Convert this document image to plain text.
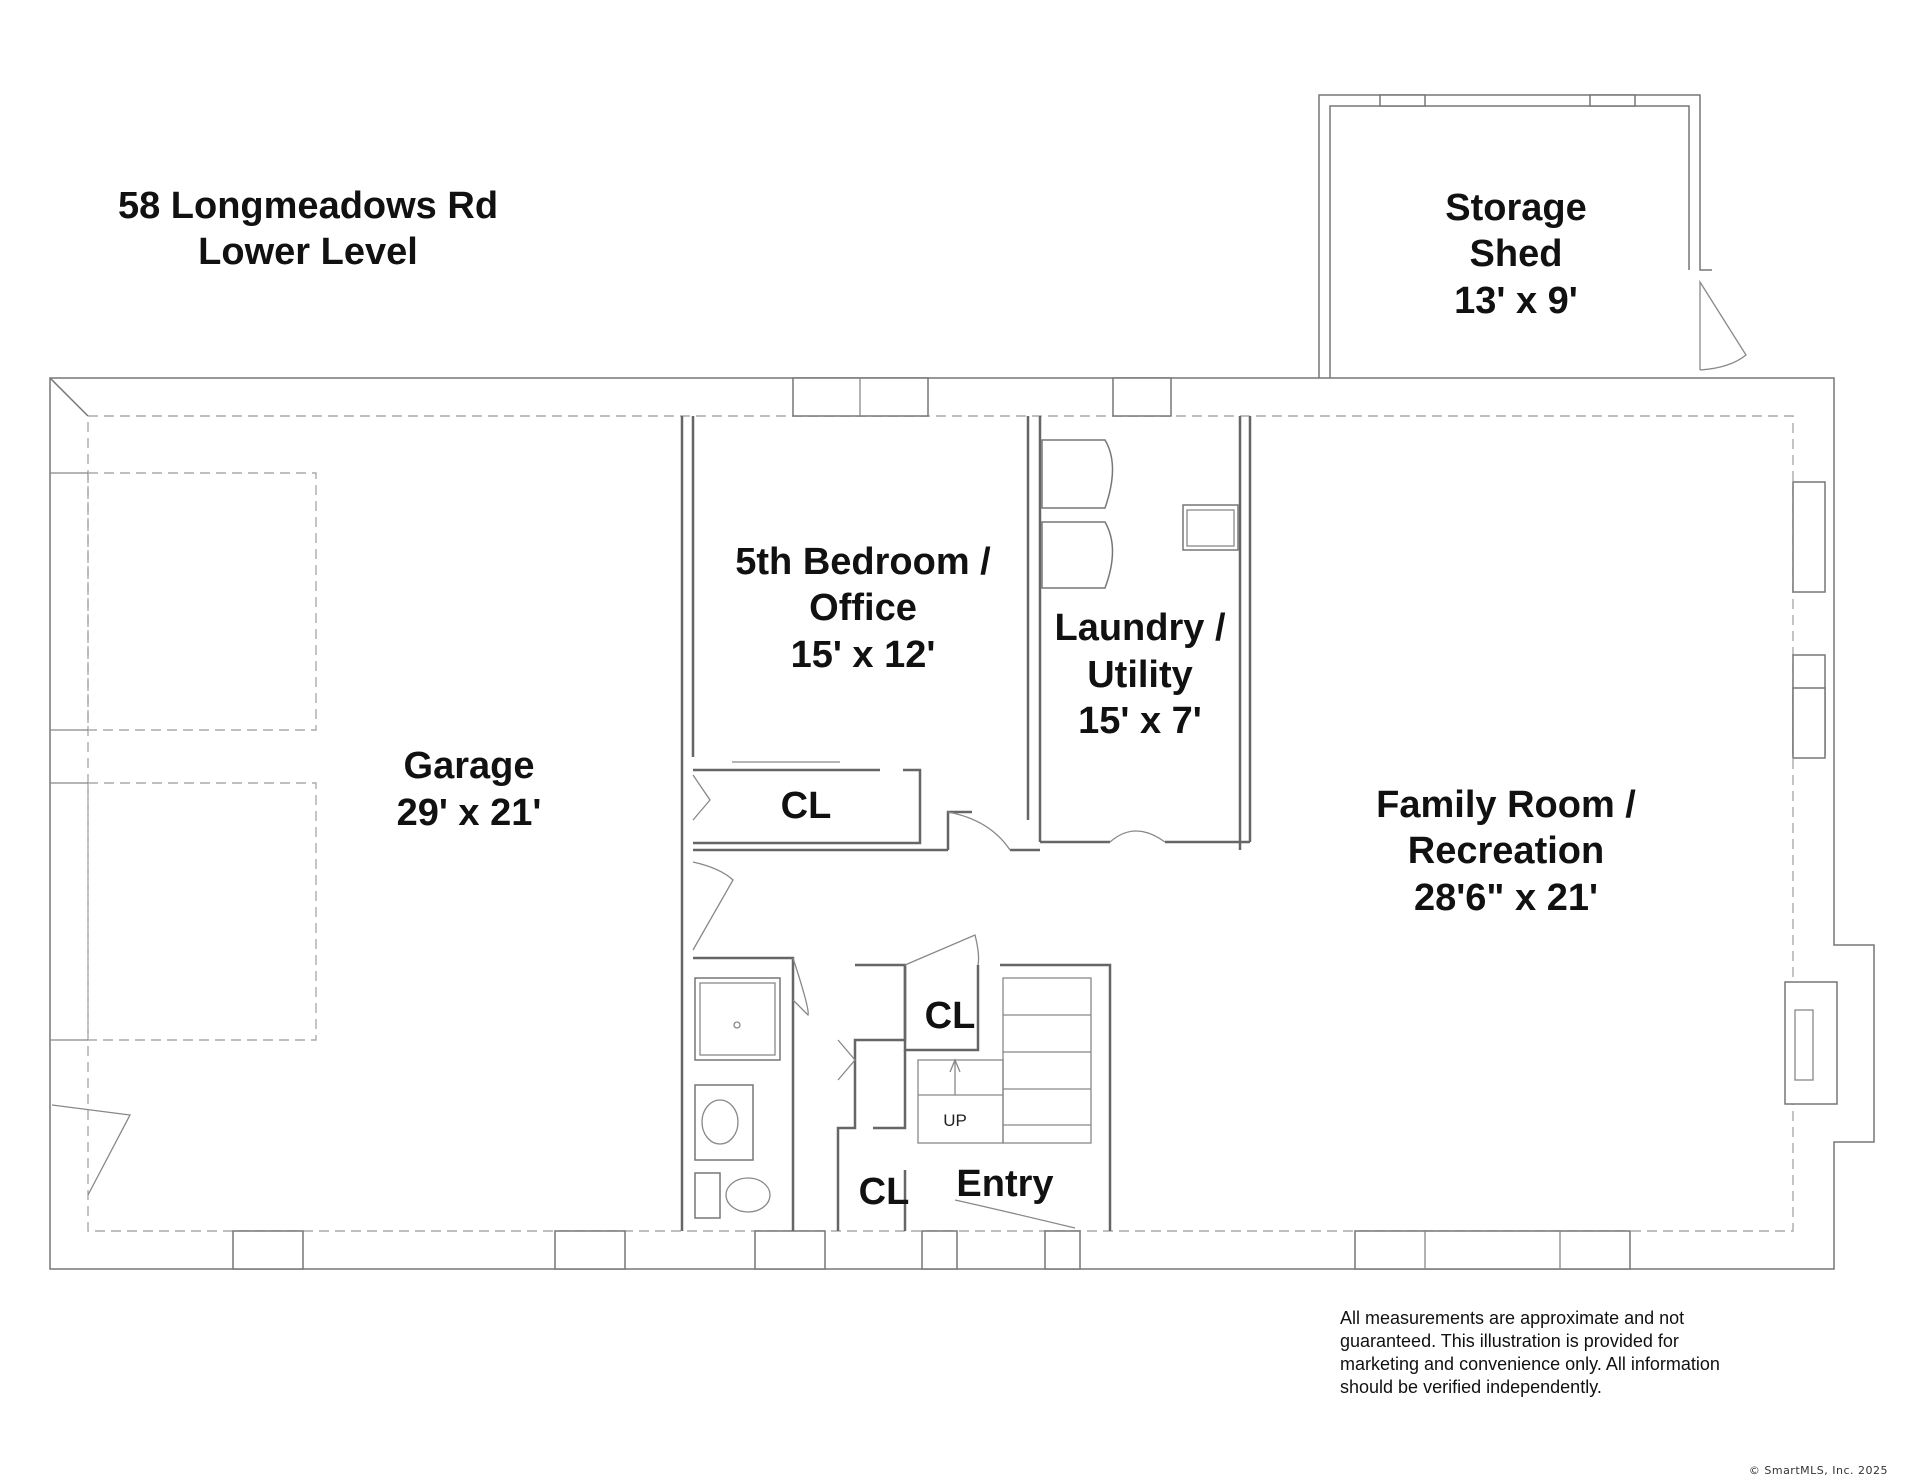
58 Longmeadows Rd
Lower Level
Storage
Shed
13' x 9'
5th Bedroom /
Office
15' x 12'
Laundry /
Utility
15' x 7'
Garage
29' x 21'	Family Room /
Recreation
28'6" x 21'
CL
CL
CL Entry
UP
All measurements are approximate and not
guaranteed. This illustration is provided for
marketing and convenience only. All information
should be verified independently.
© SmartMLS, Inc. 2025
